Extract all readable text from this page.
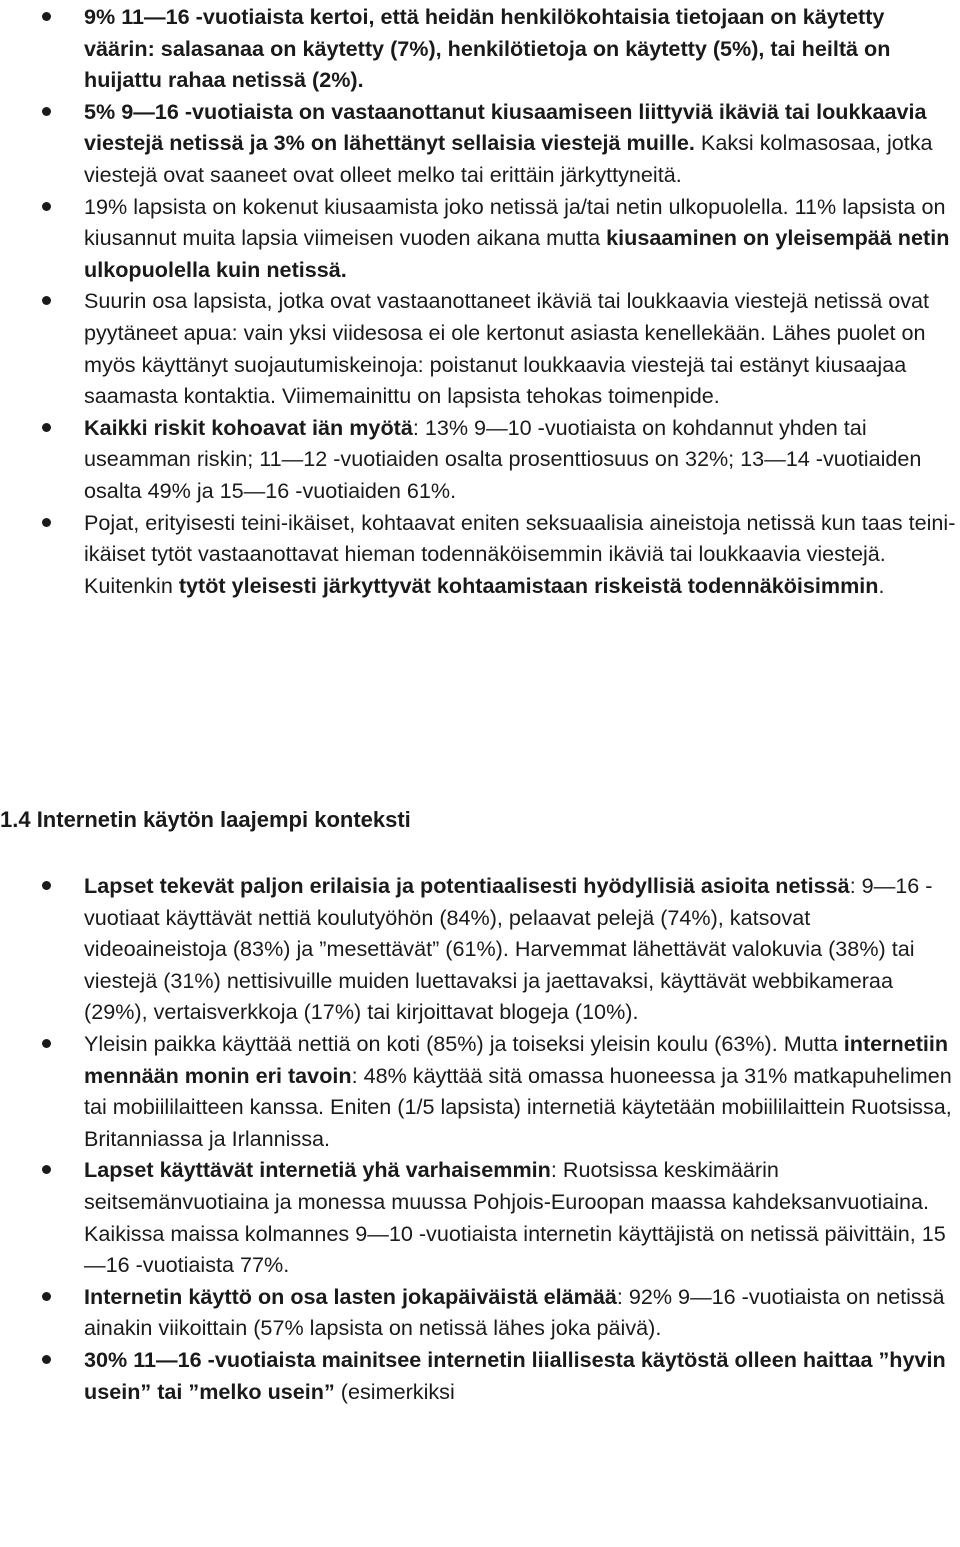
9% 11—16 -vuotiaista kertoi, että heidän henkilökohtaisia tietojaan on käytetty väärin: salasanaa on käytetty (7%), henkilötietoja on käytetty (5%), tai heiltä on huijattu rahaa netissä (2%).
5% 9—16 -vuotiaista on vastaanottanut kiusaamiseen liittyviä ikäviä tai loukkaavia viestejä netissä ja 3% on lähettänyt sellaisia viestejä muille. Kaksi kolmasosaa, jotka viestejä ovat saaneet ovat olleet melko tai erittäin järkyttyneitä.
19% lapsista on kokenut kiusaamista joko netissä ja/tai netin ulkopuolella. 11% lapsista on kiusannut muita lapsia viimeisen vuoden aikana mutta kiusaaminen on yleisempää netin ulkopuolella kuin netissä.
Suurin osa lapsista, jotka ovat vastaanottaneet ikäviä tai loukkaavia viestejä netissä ovat pyytäneet apua: vain yksi viidesosa ei ole kertonut asiasta kenellekään. Lähes puolet on myös käyttänyt suojautumiskeinoja: poistanut loukkaavia viestejä tai estänyt kiusaajaa saamasta kontaktia. Viimemainittu on lapsista tehokas toimenpide.
Kaikki riskit kohoavat iän myötä: 13% 9—10 -vuotiaista on kohdannut yhden tai useamman riskin; 11—12 -vuotiaiden osalta prosenttiosuus on 32%; 13—14 -vuotiaiden osalta 49% ja 15—16 -vuotiaiden 61%.
Pojat, erityisesti teini-ikäiset, kohtaavat eniten seksuaalisia aineistoja netissä kun taas teini-ikäiset tytöt vastaanottavat hieman todennäköisemmin ikäviä tai loukkaavia viestejä. Kuitenkin tytöt yleisesti järkyttyvät kohtaamistaan riskeistä todennäköisimmin.
1.4 Internetin käytön laajempi konteksti
Lapset tekevät paljon erilaisia ja potentiaalisesti hyödyllisiä asioita netissä: 9—16 -vuotiaat käyttävät nettiä koulutyöhön (84%), pelaavat pelejä (74%), katsovat videoaineistoja (83%) ja ”mesettävät” (61%). Harvemmat lähettävät valokuvia (38%) tai viestejä (31%) nettisivuille muiden luettavaksi ja jaettavaksi, käyttävät webbikameraa (29%), vertaisverkkoja (17%) tai kirjoittavat blogeja (10%).
Yleisin paikka käyttää nettiä on koti (85%) ja toiseksi yleisin koulu (63%). Mutta internetiin mennään monin eri tavoin: 48% käyttää sitä omassa huoneessa ja 31% matkapuhelimen tai mobiililaitteen kanssa. Eniten (1/5 lapsista) internetiä käytetään mobiililaittein Ruotsissa, Britanniassa ja Irlannissa.
Lapset käyttävät internetiä yhä varhaisemmin: Ruotsissa keskimäärin seitsemänvuotiaina ja monessa muussa Pohjois-Euroopan maassa kahdeksanvuotiaina. Kaikissa maissa kolmannes 9—10 -vuotiaista internetin käyttäjistä on netissä päivittäin, 15—16 -vuotiaista 77%.
Internetin käyttö on osa lasten jokapäiväistä elämää: 92% 9—16 -vuotiaista on netissä ainakin viikoittain (57% lapsista on netissä lähes joka päivä).
30% 11—16 -vuotiaista mainitsee internetin liiallisesta käytöstä olleen haittaa ”hyvin usein” tai ”melko usein” (esimerkiksi
